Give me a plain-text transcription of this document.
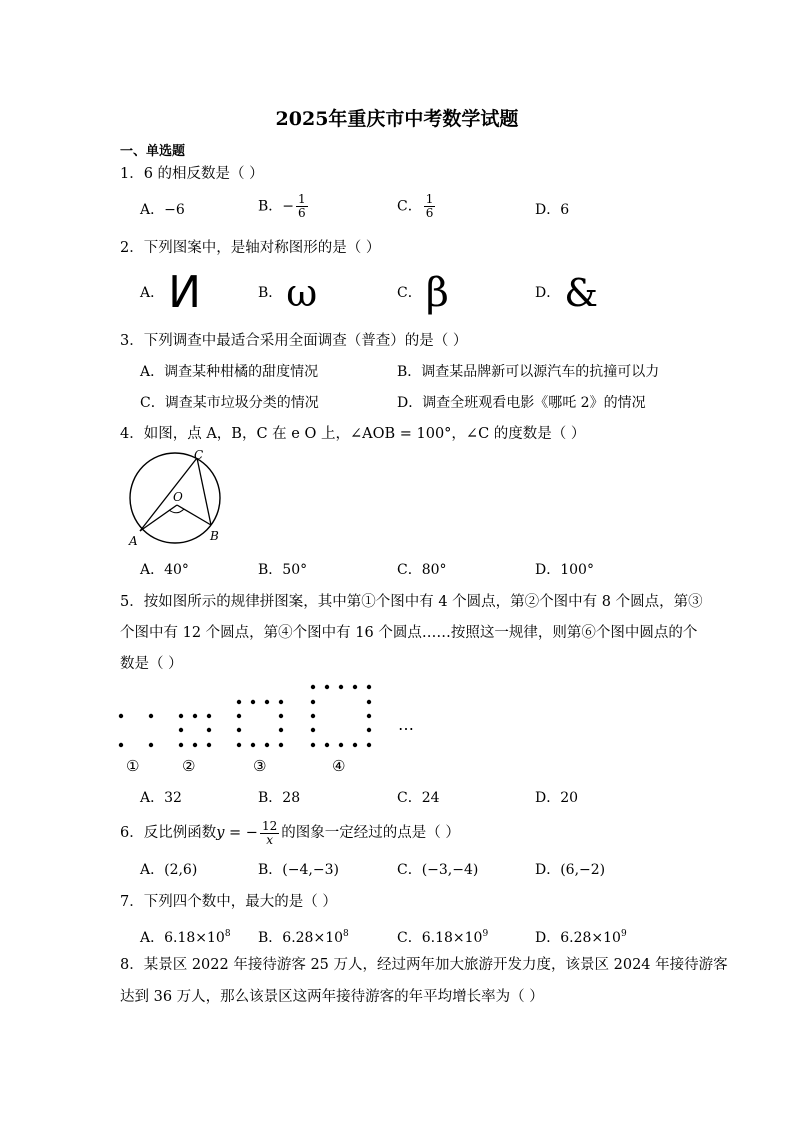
2025年重庆市中考数学试题
一、单选题
1．6 的相反数是（ ）
A．−6	B．− $\frac{1}{6}$	C． $\frac{1}{6}$	D．6
2．下列图案中，是轴对称图形的是（ ）
A．И	B． ω	C． β	D． &
3．下列调查中最适合采用全面调查（普查）的是（ ）
A．调查某种柑橘的甜度情况	B．调查某品牌新可以源汽车的抗撞可以力
C．调查某市垃圾分类的情况	D．调查全班观看电影《哪吒 2》的情况
4．如图，点 A，B，C 在 e O 上，∠AOB = 100°，∠C 的度数是（ ）
A	B
C
O
A．40°	B．50°	C．80°	D．100°
5．按如图所示的规律拼图案，其中第①个图中有 4 个圆点，第②个图中有 8 个圆点，第③
个图中有 12 个圆点，第④个图中有 16 个圆点……按照这一规律，则第⑥个图中圆点的个
数是（ ）
…
①	②	③	④
A．32	B．28	C．24	D．20
6．反比例函数y = − $\frac{12}{x}$ 的图象一定经过的点是（ ）
A．(2,6)	B．(−4,−3)	C．(−3,−4)	D．(6,−2)
7．下列四个数中，最大的是（ ）
A．$6.18\times 10^8$ B．$6.28\times 10^8$	C．$6.18\times 10^9$	D．$6.28\times 10^9$
8．某景区 2022 年接待游客 25 万人，经过两年加大旅游开发力度，该景区 2024 年接待游客
达到 36 万人，那么该景区这两年接待游客的年平均增长率为（ ）
